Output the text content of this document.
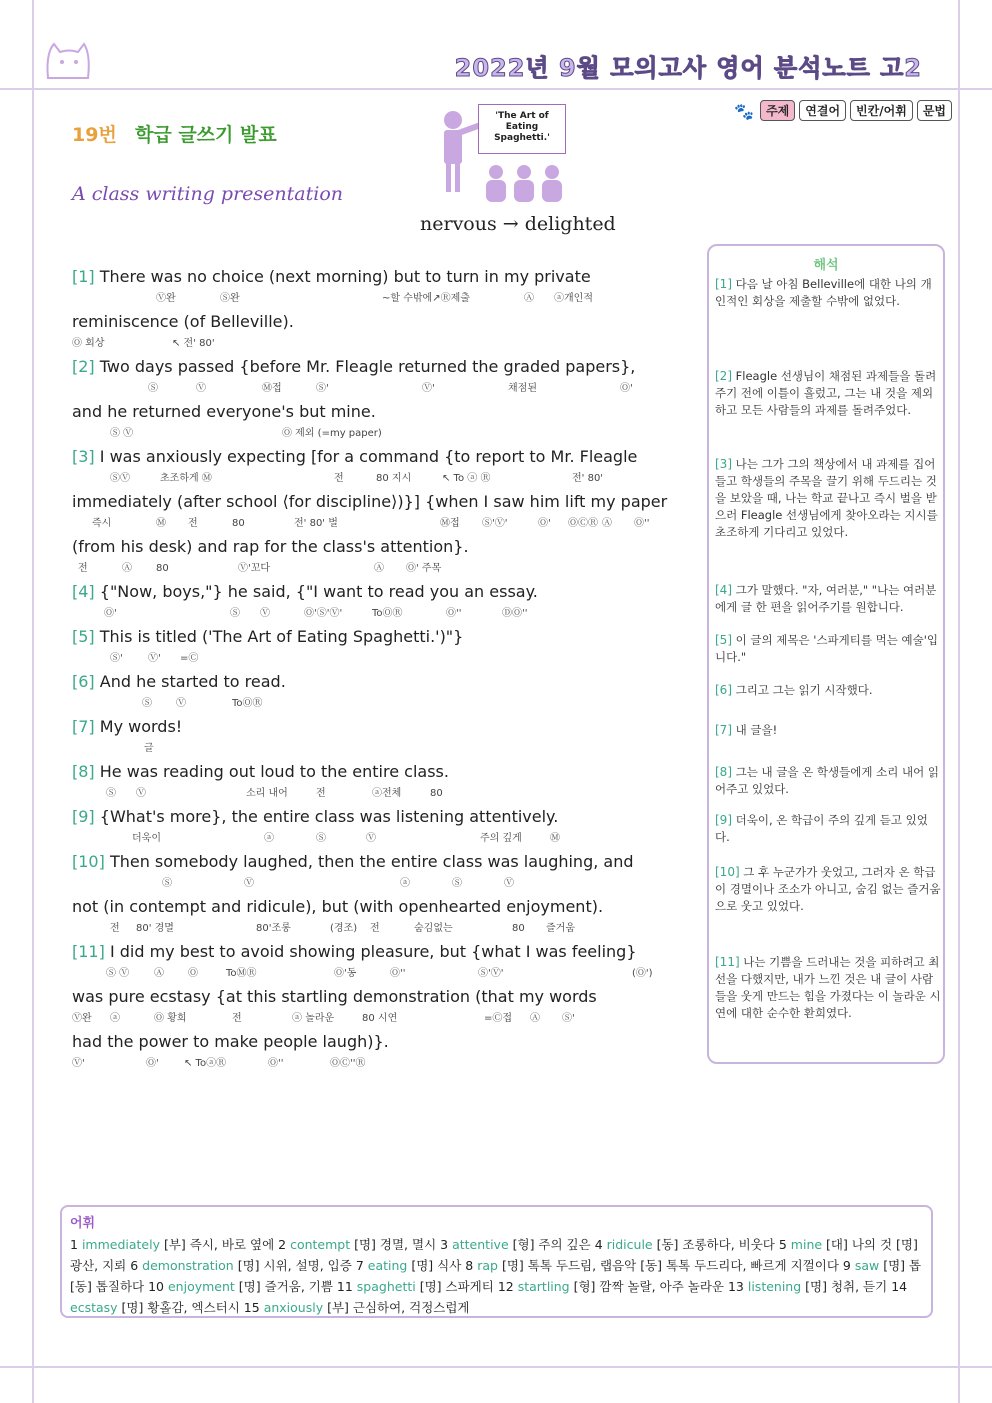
2022년 9월 모의고사 영어 분석노트 고2
🐾	주제	연결어	빈칸/어휘	문법
19번 학급 글쓰기 발표
A class writing presentation
'The Art of Eating Spaghetti.'
nervous → delighted
[1] There was no choice (next morning) but to turn in my private
Ⓥ완	Ⓢ완	~할 수밖에↗Ⓡ제출	Ⓐ ⓐ개인적
reminiscence (of Belleville).
Ⓞ 회상	↖ 전' 80'
[2] Two days passed {before Mr. Fleagle returned the graded papers},
Ⓢ	Ⓥ	Ⓜ접	Ⓢ'	Ⓥ'	채점된	Ⓞ'
and he returned everyone's but mine.
Ⓢ Ⓥ	Ⓞ 제외 (=my paper)
[3] I was anxiously expecting [for a command {to report to Mr. Fleagle
ⓈⓋ	초조하게 Ⓜ	전	80 지시	↖ To ⓐ Ⓡ	전' 80'
immediately (after school ⟨for discipline⟩)}] {when I saw him lift my paper
즉시	Ⓜ 전	80	전' 80' 벌	Ⓜ접 Ⓢ'Ⓥ'	Ⓞ' ⓄⒸⓇ Ⓐ Ⓞ''
(from his desk) and rap for the class's attention}.
전	Ⓐ 80	Ⓥ'꼬다	Ⓐ Ⓞ' 주목
[4] {"Now, boys,"} he said, {"I want to read you an essay.
Ⓞ'	Ⓢ Ⓥ	Ⓞ'Ⓢ'Ⓥ'	ToⓄⓇ	Ⓞ''	ⒹⓄ''
[5] This is titled ('The Art of Eating Spaghetti.')"}
Ⓢ'	Ⓥ' =Ⓒ
[6] And he started to read.
Ⓢ Ⓥ	ToⓄⓇ
[7] My words!
글
[8] He was reading out loud to the entire class.
Ⓢ Ⓥ	소리 내어	전	ⓐ전체	80
[9] {What's more}, the entire class was listening attentively.
더욱이	ⓐ	Ⓢ	Ⓥ	주의 깊게	Ⓜ
[10] Then somebody laughed, then the entire class was laughing, and
Ⓢ	Ⓥ	ⓐ	Ⓢ	Ⓥ
not (in contempt and ridicule), but (with openhearted enjoyment).
전 80' 경멸	80'조롱	(경조) 전	숨김없는	80 즐거움
[11] I did my best to avoid showing pleasure, but {what I was feeling}
Ⓢ Ⓥ Ⓐ Ⓞ	ToⓂⓇ	Ⓞ'동	Ⓞ''	Ⓢ'Ⓥ'	(Ⓞ')
was pure ecstasy {at this startling demonstration (that my words
Ⓥ완 ⓐ	Ⓞ 황희	전	ⓐ 놀라운	80 시연	=Ⓒ접 Ⓐ Ⓢ'
had the power to make people laugh)}.
Ⓥ'	Ⓞ'	↖ ToⓐⓇ	Ⓞ''	ⓄⒸ''Ⓡ
해석
[1] 다음 날 아침 Belleville에 대한 나의 개인적인 회상을 제출할 수밖에 없었다.
[2] Fleagle 선생님이 채점된 과제들을 돌려주기 전에 이틀이 흘렀고, 그는 내 것을 제외하고 모든 사람들의 과제를 돌려주었다.
[3] 나는 그가 그의 책상에서 내 과제를 집어들고 학생들의 주목을 끌기 위해 두드리는 것을 보았을 때, 나는 학교 끝나고 즉시 벌을 받으러 Fleagle 선생님에게 찾아오라는 지시를 초조하게 기다리고 있었다.
[4] 그가 말했다. "자, 여러분," "나는 여러분에게 글 한 편을 읽어주기를 원합니다.
[5] 이 글의 제목은 '스파게티를 먹는 예술'입니다."
[6] 그리고 그는 읽기 시작했다.
[7] 내 글을!
[8] 그는 내 글을 온 학생들에게 소리 내어 읽어주고 있었다.
[9] 더욱이, 온 학급이 주의 깊게 듣고 있었다.
[10] 그 후 누군가가 웃었고, 그러자 온 학급이 경멸이나 조소가 아니고, 숨김 없는 즐거움으로 웃고 있었다.
[11] 나는 기쁨을 드러내는 것을 피하려고 최선을 다했지만, 내가 느낀 것은 내 글이 사람들을 웃게 만드는 힘을 가졌다는 이 놀라운 시연에 대한 순수한 환희였다.
어휘
1 immediately [부] 즉시, 바로 옆에 2 contempt [명] 경멸, 멸시 3 attentive [형] 주의 깊은 4 ridicule [동] 조롱하다, 비웃다 5 mine [대] 나의 것 [명] 광산, 지뢰 6 demonstration [명] 시위, 설명, 입증 7 eating [명] 식사 8 rap [명] 톡톡 두드림, 랩음악 [동] 톡톡 두드리다, 빠르게 지껄이다 9 saw [명] 톱 [동] 톱질하다 10 enjoyment [명] 즐거움, 기쁨 11 spaghetti [명] 스파게티 12 startling [형] 깜짝 놀랄, 아주 놀라운 13 listening [명] 청취, 듣기 14 ecstasy [명] 황홀감, 엑스터시 15 anxiously [부] 근심하여, 걱정스럽게
